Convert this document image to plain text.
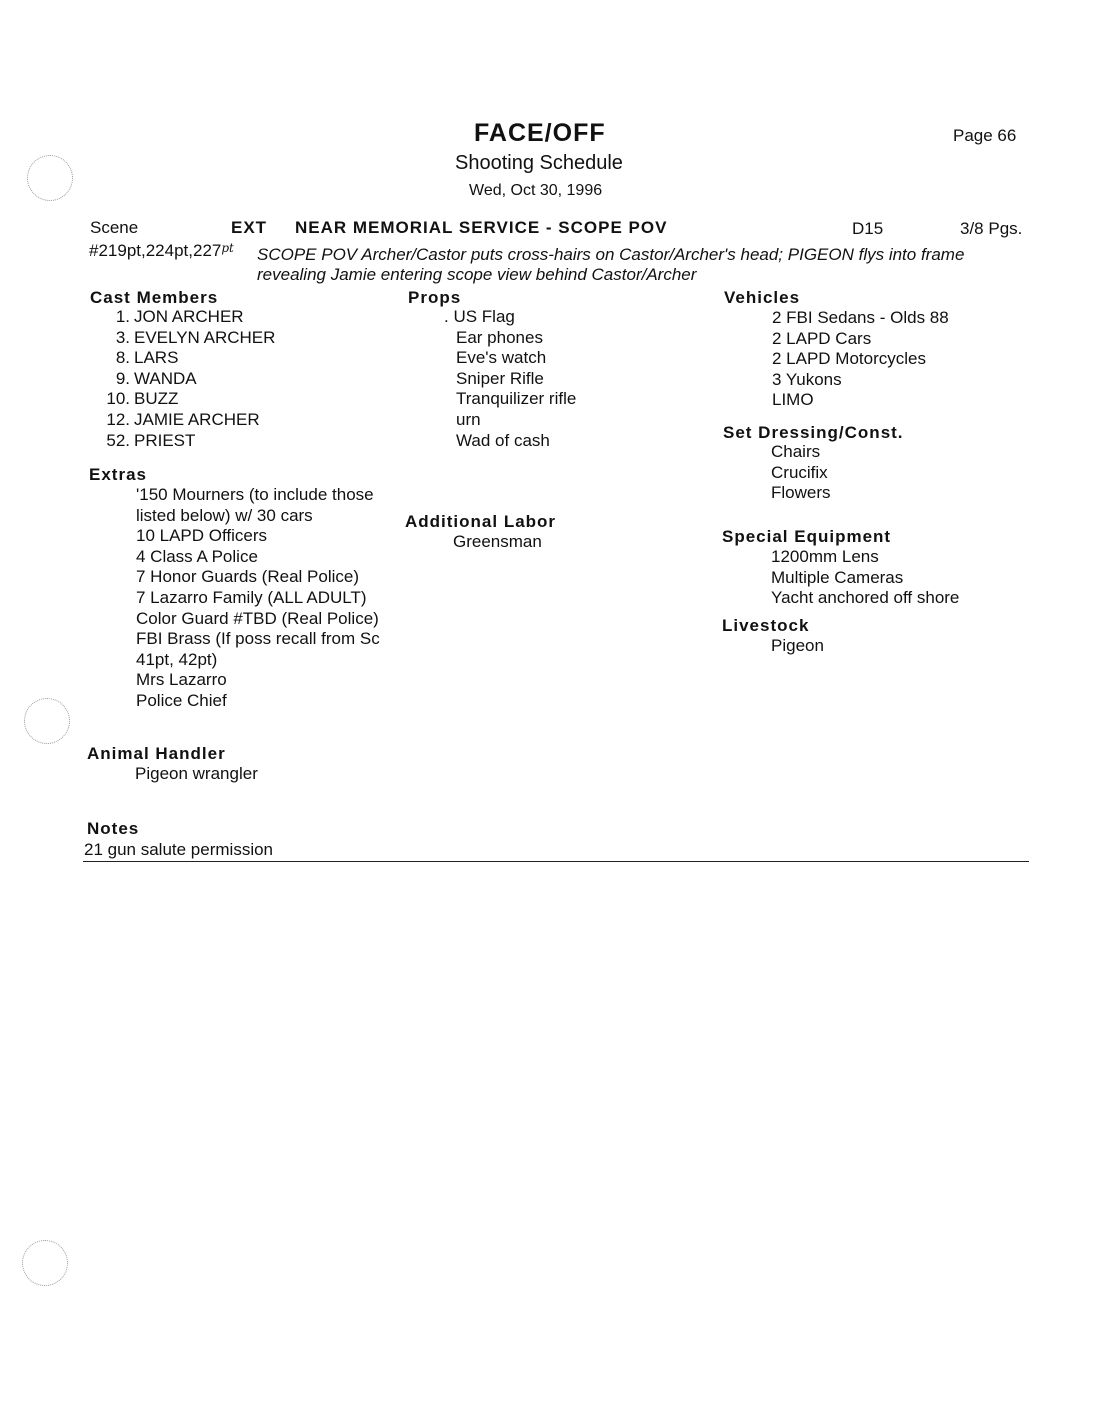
FACE/OFF
Shooting Schedule
Wed, Oct 30, 1996
Page 66
Scene	EXT NEAR MEMORIAL SERVICE - SCOPE POV	D15	3/8 Pgs.
$\#219pt,224pt,227^{pt}$ SCOPE POV Archer/Castor puts cross-hairs on Castor/Archer's head; PIGEON flys into frame
revealing Jamie entering scope view behind Castor/Archer
Cast Members
1. JON ARCHER
3. EVELYN ARCHER
8. LARS
9. WANDA
10. BUZZ
12. JAMIE ARCHER
52. PRIEST
Extras
'150 Mourners (to include those
listed below) w/ 30 cars
10 LAPD Officers
4 Class A Police
7 Honor Guards (Real Police)
7 Lazarro Family (ALL ADULT)
Color Guard #TBD (Real Police)
FBI Brass (If poss recall from Sc
41pt, 42pt)
Mrs Lazarro
Police Chief
Animal Handler
Pigeon wrangler
Notes
21 gun salute permission
Props
. US Flag
Ear phones
Eve's watch
Sniper Rifle
Tranquilizer rifle
urn
Wad of cash
Additional Labor
Greensman
Vehicles
2 FBI Sedans - Olds 88
2 LAPD Cars
2 LAPD Motorcycles
3 Yukons
LIMO
Set Dressing/Const.
Chairs
Crucifix
Flowers
Special Equipment
1200mm Lens
Multiple Cameras
Yacht anchored off shore
Livestock
Pigeon
